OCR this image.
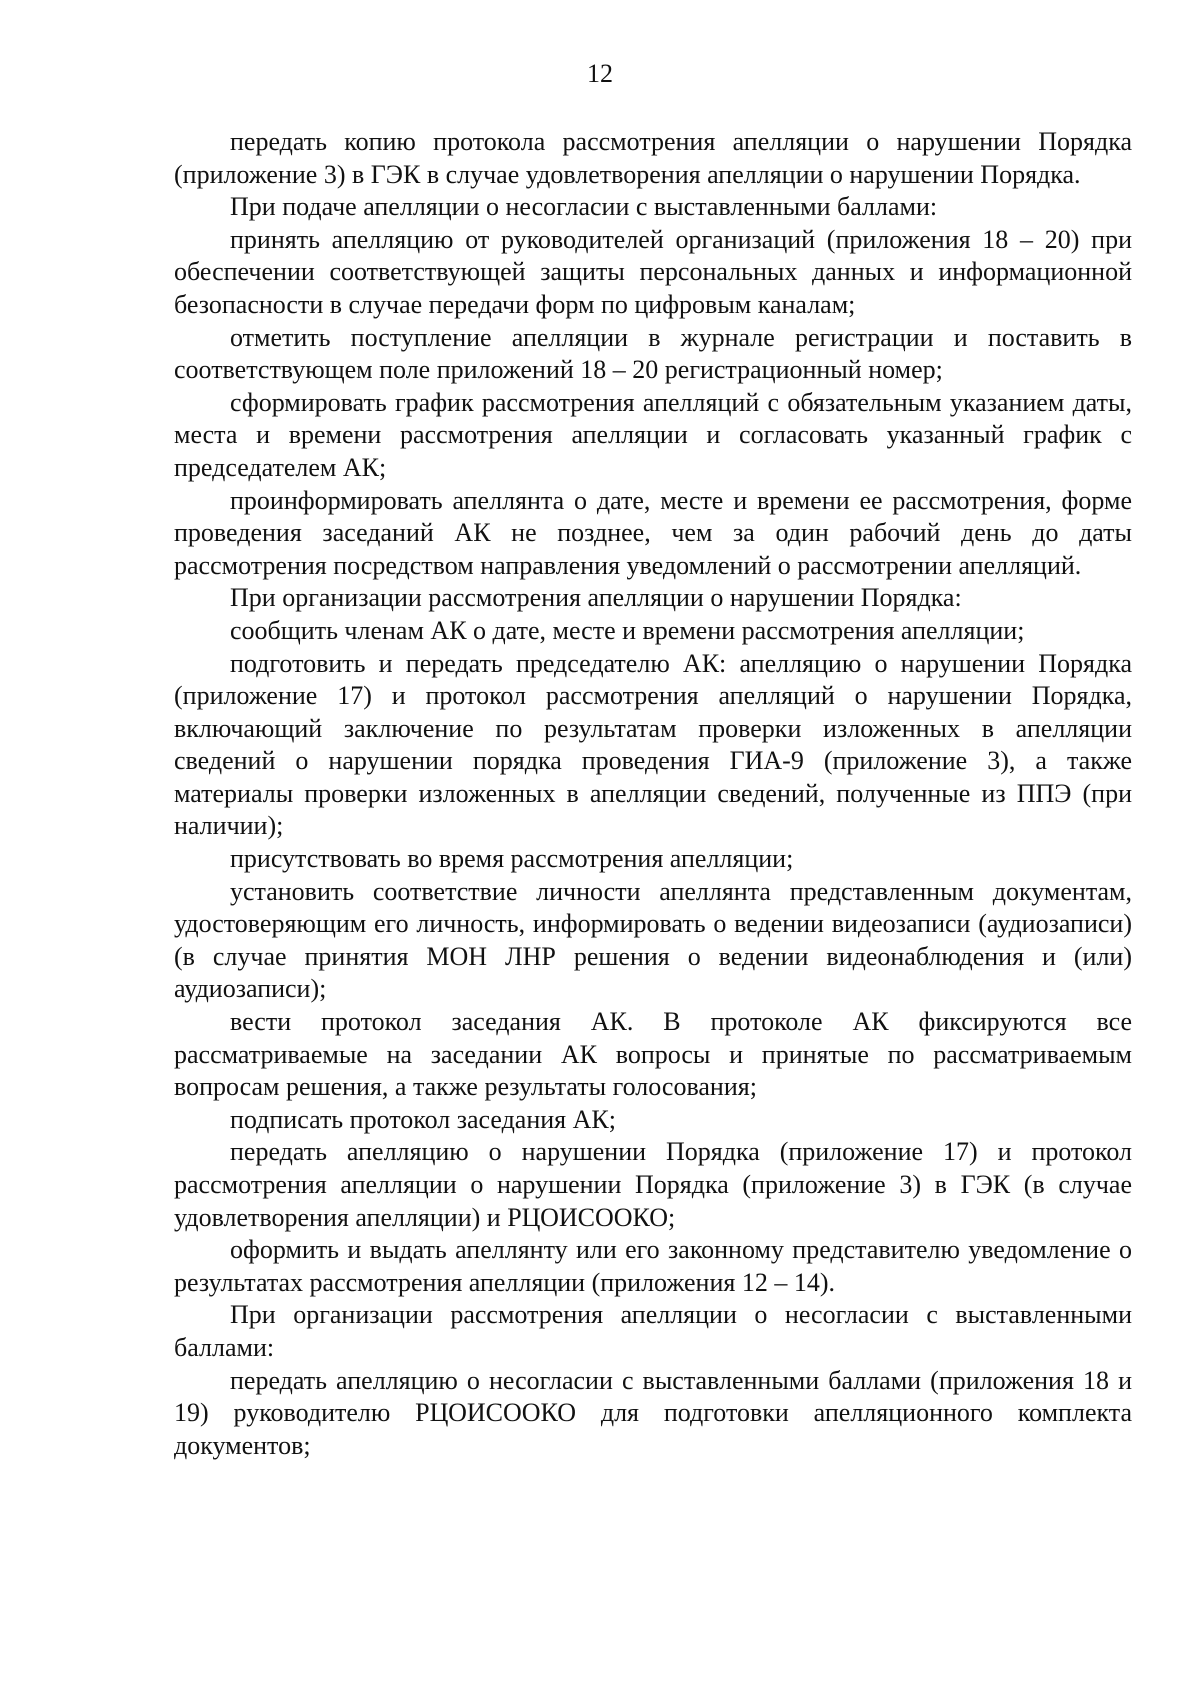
12

передать копию протокола рассмотрения апелляции о нарушении Порядка (приложение 3) в ГЭК в случае удовлетворения апелляции о нарушении Порядка.

При подаче апелляции о несогласии с выставленными баллами:

принять апелляцию от руководителей организаций (приложения 18 – 20) при обеспечении соответствующей защиты персональных данных и информационной безопасности в случае передачи форм по цифровым каналам;

отметить поступление апелляции в журнале регистрации и поставить в соответствующем поле приложений 18 – 20 регистрационный номер;

сформировать график рассмотрения апелляций с обязательным указанием даты, места и времени рассмотрения апелляции и согласовать указанный график с председателем АК;

проинформировать апеллянта о дате, месте и времени ее рассмотрения, форме проведения заседаний АК не позднее, чем за один рабочий день до даты рассмотрения посредством направления уведомлений о рассмотрении апелляций.

При организации рассмотрения апелляции о нарушении Порядка:

сообщить членам АК о дате, месте и времени рассмотрения апелляции;

подготовить и передать председателю АК: апелляцию о нарушении Порядка (приложение 17) и протокол рассмотрения апелляций о нарушении Порядка, включающий заключение по результатам проверки изложенных в апелляции сведений о нарушении порядка проведения ГИА-9 (приложение 3), а также материалы проверки изложенных в апелляции сведений, полученные из ППЭ (при наличии);

присутствовать во время рассмотрения апелляции;

установить соответствие личности апеллянта представленным документам, удостоверяющим его личность, информировать о ведении видеозаписи (аудиозаписи) (в случае принятия МОН ЛНР решения о ведении видеонаблюдения и (или) аудиозаписи);

вести протокол заседания АК. В протоколе АК фиксируются все рассматриваемые на заседании АК вопросы и принятые по рассматриваемым вопросам решения, а также результаты голосования;

подписать протокол заседания АК;

передать апелляцию о нарушении Порядка (приложение 17) и протокол рассмотрения апелляции о нарушении Порядка (приложение 3) в ГЭК (в случае удовлетворения апелляции) и РЦОИСООКО;

оформить и выдать апеллянту или его законному представителю уведомление о результатах рассмотрения апелляции (приложения 12 – 14).

При организации рассмотрения апелляции о несогласии с выставленными баллами:

передать апелляцию о несогласии с выставленными баллами (приложения 18 и 19) руководителю РЦОИСООКО для подготовки апелляционного комплекта документов;
